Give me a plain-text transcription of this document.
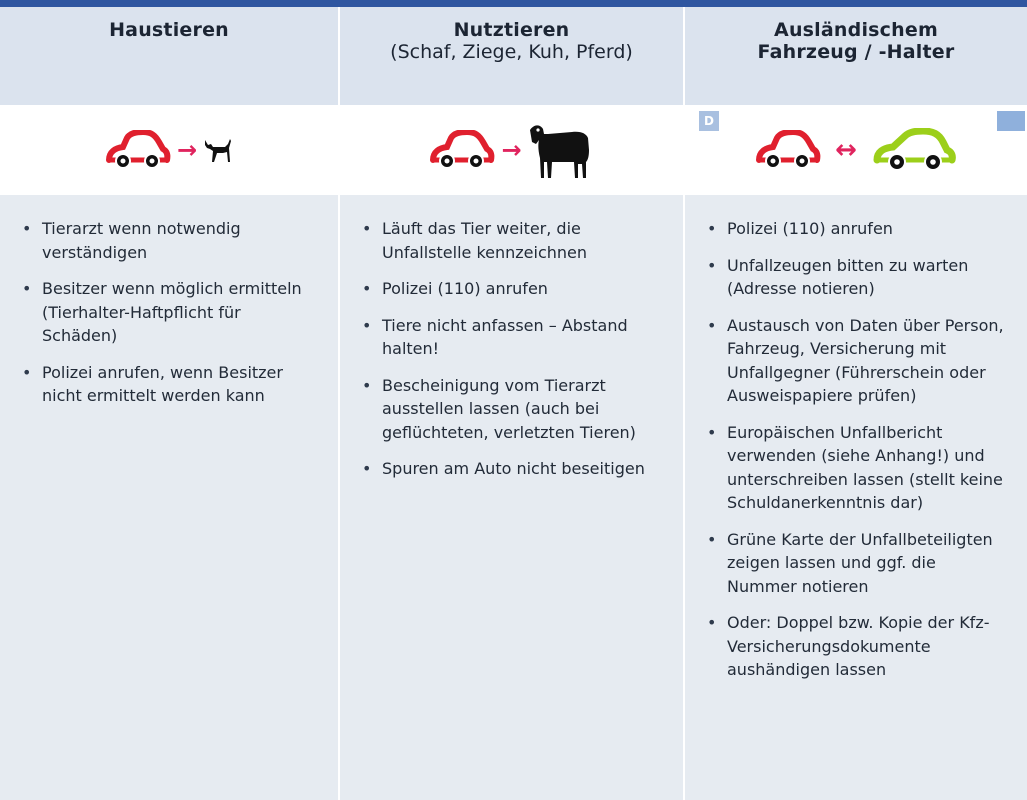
Haustieren	Nutztieren
(Schaf, Ziege, Kuh, Pferd)
Ausländischem
Fahrzeug / -Halter
→	→
D
↔
• Tierarzt wenn notwendig verständigen
• Besitzer wenn möglich ermitteln (Tierhalter-Haftpflicht für Schäden)
• Polizei anrufen, wenn Besitzer nicht ermittelt werden kann
• Läuft das Tier weiter, die Unfallstelle kennzeichnen
• Polizei (110) anrufen
• Tiere nicht anfassen – Abstand halten!
• Bescheinigung vom Tierarzt ausstellen lassen (auch bei geflüchteten, verletzten Tieren)
• Spuren am Auto nicht beseitigen
• Polizei (110) anrufen
• Unfallzeugen bitten zu warten (Adresse notieren)
• Austausch von Daten über Person, Fahrzeug, Versicherung mit Unfallgegner (Führerschein oder Ausweispapiere prüfen)
• Europäischen Unfallbericht verwenden (siehe Anhang!) und unterschreiben lassen (stellt keine Schuldanerkenntnis dar)
• Grüne Karte der Unfallbeteiligten zeigen lassen und ggf. die Nummer notieren
• Oder: Doppel bzw. Kopie der Kfz-Versicherungsdokumente aushändigen lassen
